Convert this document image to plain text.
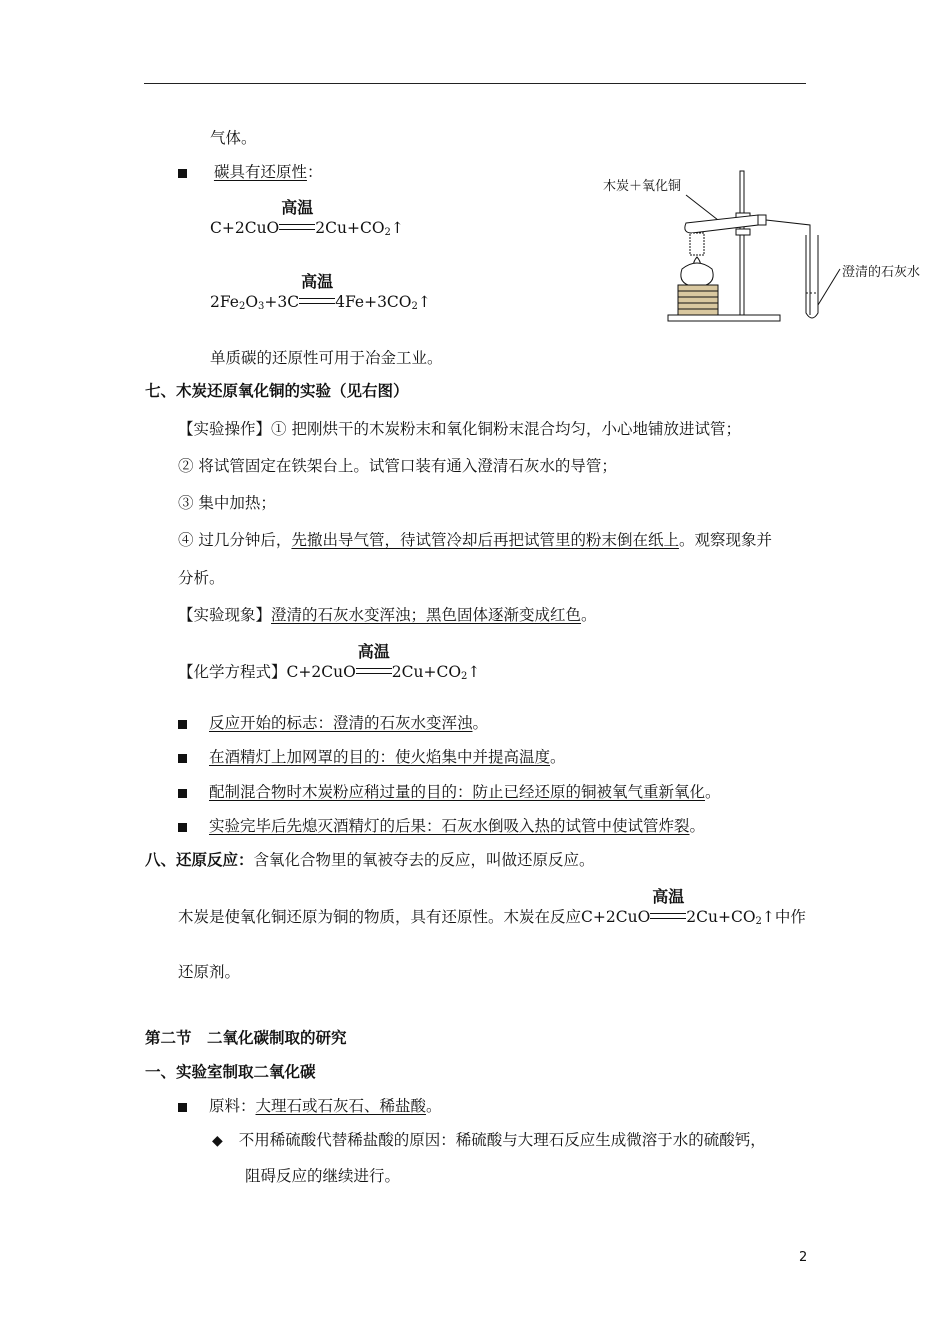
气体。
碳具有还原性：
C+2CuO
高温
$2Cu+CO_2↑$
$2Fe_2O_3+3C$
高温
$4Fe+3CO_2↑$
单质碳的还原性可用于冶金工业。
七、木炭还原氧化铜的实验（见右图）
【实验操作】① 把刚烘干的木炭粉末和氧化铜粉末混合均匀，小心地铺放进试管；
② 将试管固定在铁架台上。试管口装有通入澄清石灰水的导管；
③ 集中加热；
④ 过几分钟后，先撤出导气管，待试管冷却后再把试管里的粉末倒在纸上。观察现象并
分析。
【实验现象】澄清的石灰水变浑浊；黑色固体逐渐变成红色。
【化学方程式】C+2CuO
高温
$2Cu+CO_2↑$
反应开始的标志：澄清的石灰水变浑浊。
在酒精灯上加网罩的目的：使火焰集中并提高温度。
配制混合物时木炭粉应稍过量的目的：防止已经还原的铜被氧气重新氧化。
实验完毕后先熄灭酒精灯的后果：石灰水倒吸入热的试管中使试管炸裂。
八、还原反应：含氧化合物里的氧被夺去的反应，叫做还原反应。
木炭是使氧化铜还原为铜的物质，具有还原性。木炭在反应C+2CuO
高温
$2Cu+CO_2↑$中作
还原剂。
第二节　二氧化碳制取的研究
一、实验室制取二氧化碳
原料：大理石或石灰石、稀盐酸。
◆ 不用稀硫酸代替稀盐酸的原因：稀硫酸与大理石反应生成微溶于水的硫酸钙，
阻碍反应的继续进行。
木炭＋氧化铜
澄清的石灰水
2
